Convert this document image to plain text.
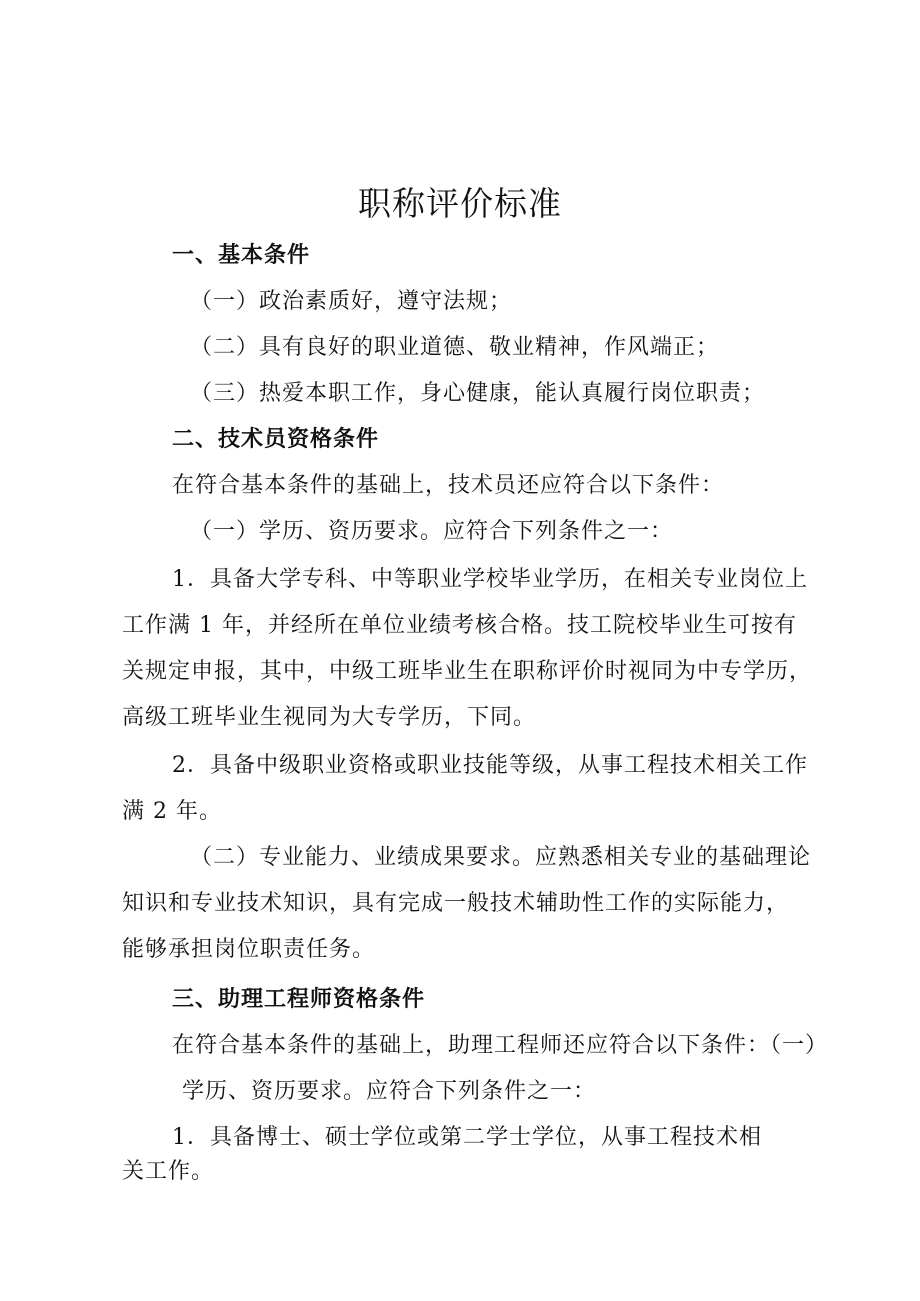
职称评价标准
一、基本条件
（一）政治素质好，遵守法规；
（二）具有良好的职业道德、敬业精神，作风端正；
（三）热爱本职工作，身心健康，能认真履行岗位职责；
二、技术员资格条件
在符合基本条件的基础上，技术员还应符合以下条件：
（一）学历、资历要求。应符合下列条件之一：
1．具备大学专科、中等职业学校毕业学历，在相关专业岗位上
工作满 1 年，并经所在单位业绩考核合格。技工院校毕业生可按有
关规定申报，其中，中级工班毕业生在职称评价时视同为中专学历，
高级工班毕业生视同为大专学历，下同。
2．具备中级职业资格或职业技能等级，从事工程技术相关工作
满 2 年。
（二）专业能力、业绩成果要求。应熟悉相关专业的基础理论
知识和专业技术知识，具有完成一般技术辅助性工作的实际能力，
能够承担岗位职责任务。
三、助理工程师资格条件
在符合基本条件的基础上，助理工程师还应符合以下条件：（一）
学历、资历要求。应符合下列条件之一：
1．具备博士、硕士学位或第二学士学位，从事工程技术相
关工作。
